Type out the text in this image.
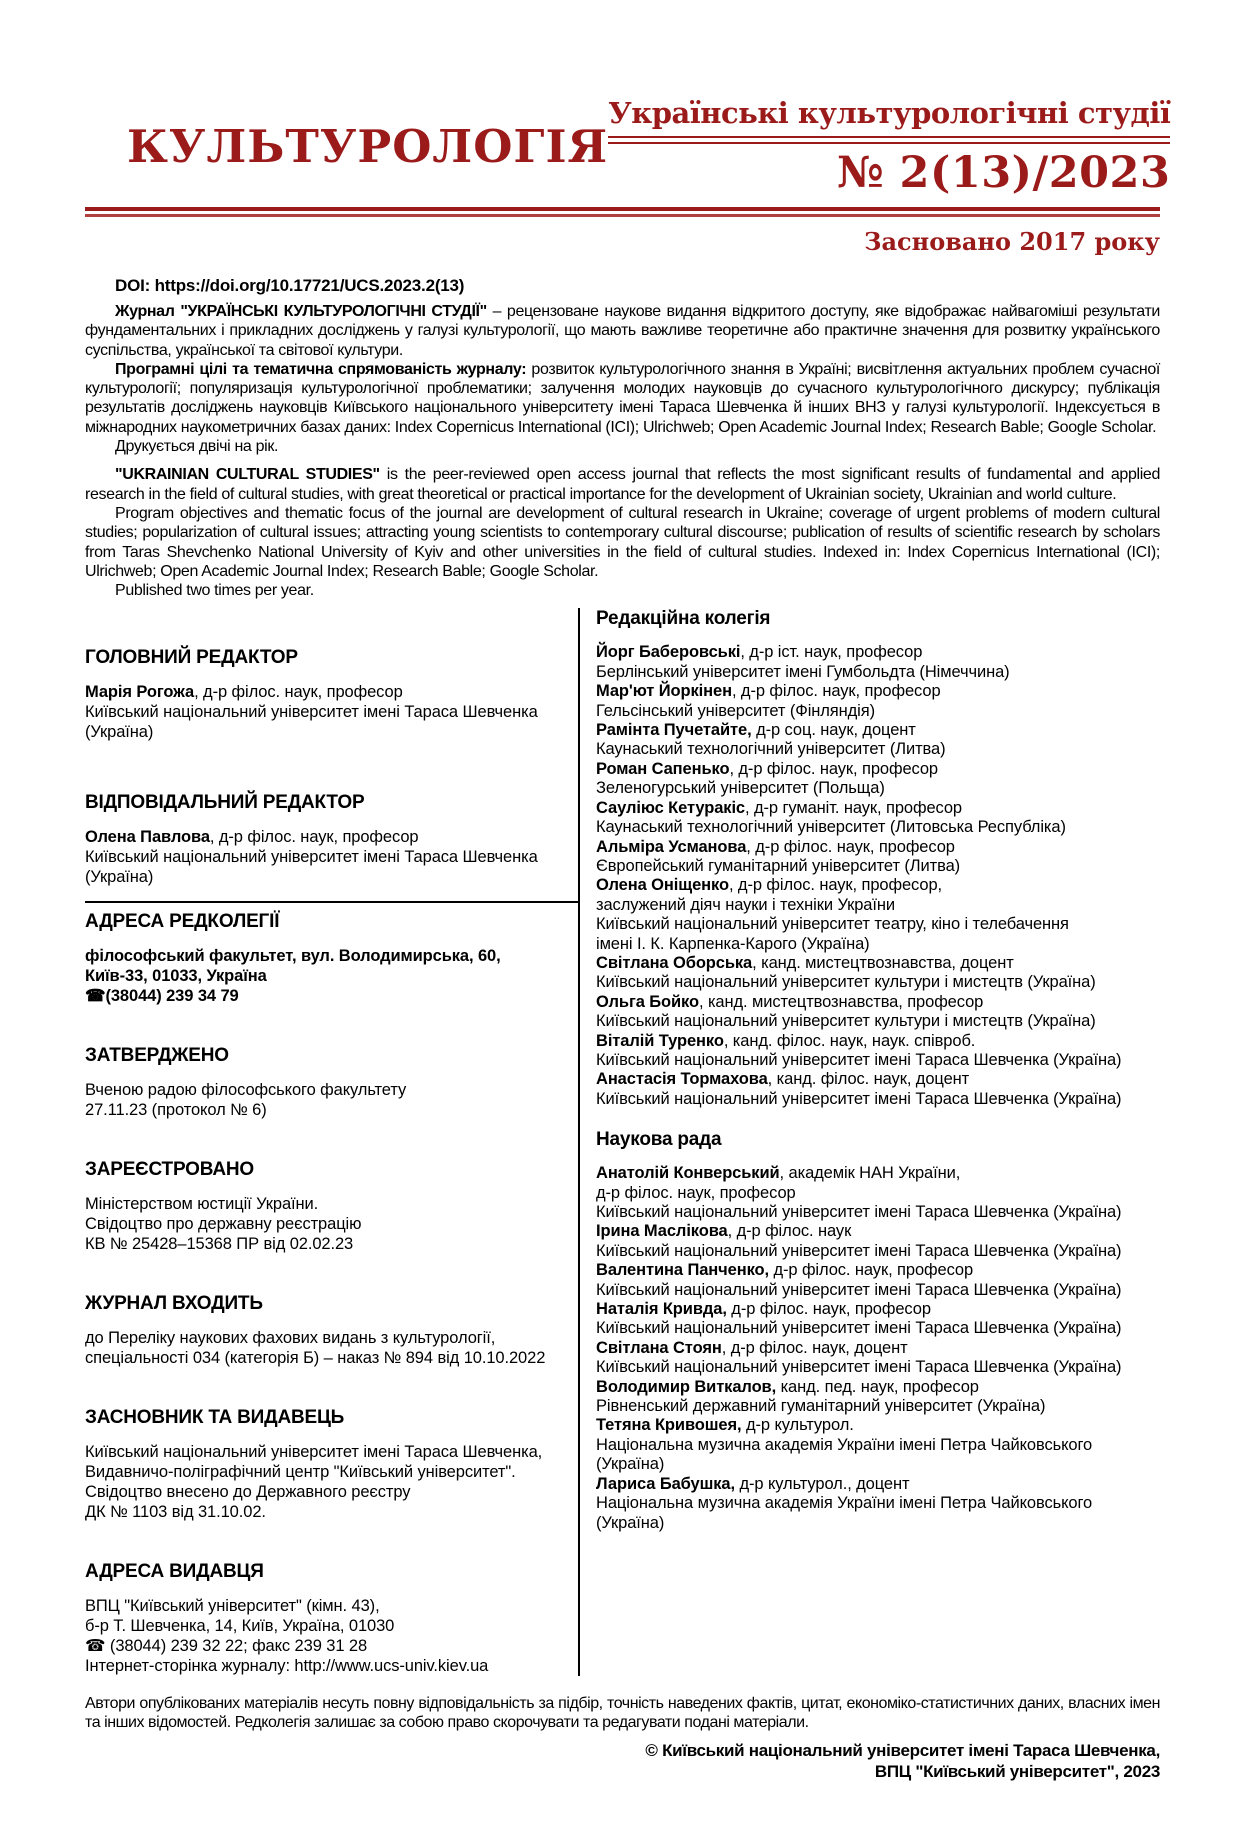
КУЛЬТУРОЛОГІЯ
Українські культурологічні студії
№ 2(13)/2023
Засновано 2017 року
DOI: https://doi.org/10.17721/UCS.2023.2(13)

Журнал "УКРАЇНСЬКІ КУЛЬТУРОЛОГІЧНІ СТУДІЇ" – рецензоване наукове видання відкритого доступу, яке відображає найвагоміші результати фундаментальних і прикладних досліджень у галузі культурології, що мають важливе теоретичне або практичне значення для розвитку українського суспільства, української та світової культури.

Програмні цілі та тематична спрямованість журналу: розвиток культурологічного знання в Україні; висвітлення актуальних проблем сучасної культурології; популяризація культурологічної проблематики; залучення молодих науковців до сучасного культурологічного дискурсу; публікація результатів досліджень науковців Київського національного університету імені Тараса Шевченка й інших ВНЗ у галузі культурології. Індексується в міжнародних наукометричних базах даних: Index Copernicus International (ICI); Ulrichweb; Open Academic Journal Index; Research Bable; Google Scholar.

Друкується двічі на рік.

"UKRAINIAN CULTURAL STUDIES" is the peer-reviewed open access journal that reflects the most significant results of fundamental and applied research in the field of cultural studies, with great theoretical or practical importance for the development of Ukrainian society, Ukrainian and world culture.

Program objectives and thematic focus of the journal are development of cultural research in Ukraine; coverage of urgent problems of modern cultural studies; popularization of cultural issues; attracting young scientists to contemporary cultural discourse; publication of results of scientific research by scholars from Taras Shevchenko National University of Kyiv and other universities in the field of cultural studies. Indexed in: Index Copernicus International (ICI); Ulrichweb; Open Academic Journal Index; Research Bable; Google Scholar.

Published two times per year.

ГОЛОВНИЙ РЕДАКТОР
Марія Рогожа, д-р філос. наук, професор
Київський національний університет імені Тараса Шевченка
(Україна)
ВІДПОВІДАЛЬНИЙ РЕДАКТОР
Олена Павлова, д-р філос. наук, професор
Київський національний університет імені Тараса Шевченка
(Україна)
АДРЕСА РЕДКОЛЕГІЇ
філософський факультет, вул. Володимирська, 60,
Київ-33, 01033, Україна
☎(38044) 239 34 79
ЗАТВЕРДЖЕНО
Вченою радою філософського факультету
27.11.23 (протокол № 6)
ЗАРЕЄСТРОВАНО
Міністерством юстиції України.
Свідоцтво про державну реєстрацію
КВ № 25428–15368 ПР від 02.02.23
ЖУРНАЛ ВХОДИТЬ
до Переліку наукових фахових видань з культурології,
спеціальності 034 (категорія Б) – наказ № 894 від 10.10.2022
ЗАСНОВНИК ТА ВИДАВЕЦЬ
Київський національний університет імені Тараса Шевченка,
Видавничо-поліграфічний центр "Київський університет".
Свідоцтво внесено до Державного реєстру
ДК № 1103 від 31.10.02.
АДРЕСА ВИДАВЦЯ
ВПЦ "Київський університет" (кімн. 43),
б-р Т. Шевченка, 14, Київ, Україна, 01030
☎ (38044) 239 32 22; факс 239 31 28
Інтернет-сторінка журналу: http://www.ucs-univ.kiev.ua
Редакційна колегія
Йорг Баберовські, д-р іст. наук, професор
Берлінський університет імені Гумбольдта (Німеччина)
Мар'ют Йоркінен, д-р філос. наук, професор
Гельсінський університет (Фінляндія)
Рамінта Пучетайте, д-р соц. наук, доцент
Каунаський технологічний університет (Литва)
Роман Сапенько, д-р філос. наук, професор
Зеленогурський університет (Польща)
Сауліюс Кетуракіс, д-р гуманіт. наук, професор
Каунаський технологічний університет (Литовська Республіка)
Альміра Усманова, д-р філос. наук, професор
Європейський гуманітарний університет (Литва)
Олена Оніщенко, д-р філос. наук, професор,
заслужений діяч науки і техніки України
Київський національний університет театру, кіно і телебачення
імені І. К. Карпенка-Карого (Україна)
Світлана Оборська, канд. мистецтвознавства, доцент
Київський національний університет культури і мистецтв (Україна)
Ольга Бойко, канд. мистецтвознавства, професор
Київський національний університет культури і мистецтв (Україна)
Віталій Туренко, канд. філос. наук, наук. співроб.
Київський національний університет імені Тараса Шевченка (Україна)
Анастасія Тормахова, канд. філос. наук, доцент
Київський національний університет імені Тараса Шевченка (Україна)
Наукова рада
Анатолій Конверський, академік НАН України,
д-р філос. наук, професор
Київський національний університет імені Тараса Шевченка (Україна)
Ірина Маслікова, д-р філос. наук
Київський національний університет імені Тараса Шевченка (Україна)
Валентина Панченко, д-р філос. наук, професор
Київський національний університет імені Тараса Шевченка (Україна)
Наталія Кривда, д-р філос. наук, професор
Київський національний університет імені Тараса Шевченка (Україна)
Світлана Стоян, д-р філос. наук, доцент
Київський національний університет імені Тараса Шевченка (Україна)
Володимир Виткалов, канд. пед. наук, професор
Рівненський державний гуманітарний університет (Україна)
Тетяна Кривошея, д-р культурол.
Національна музична академія України імені Петра Чайковського
(Україна)
Лариса Бабушка, д-р культурол., доцент
Національна музична академія України імені Петра Чайковського
(Україна)
Автори опублікованих матеріалів несуть повну відповідальність за підбір, точність наведених фактів, цитат, економіко-статистичних даних, власних імен та інших відомостей. Редколегія залишає за собою право скорочувати та редагувати подані матеріали.
© Київський національний університет імені Тараса Шевченка,
ВПЦ "Київський університет", 2023
